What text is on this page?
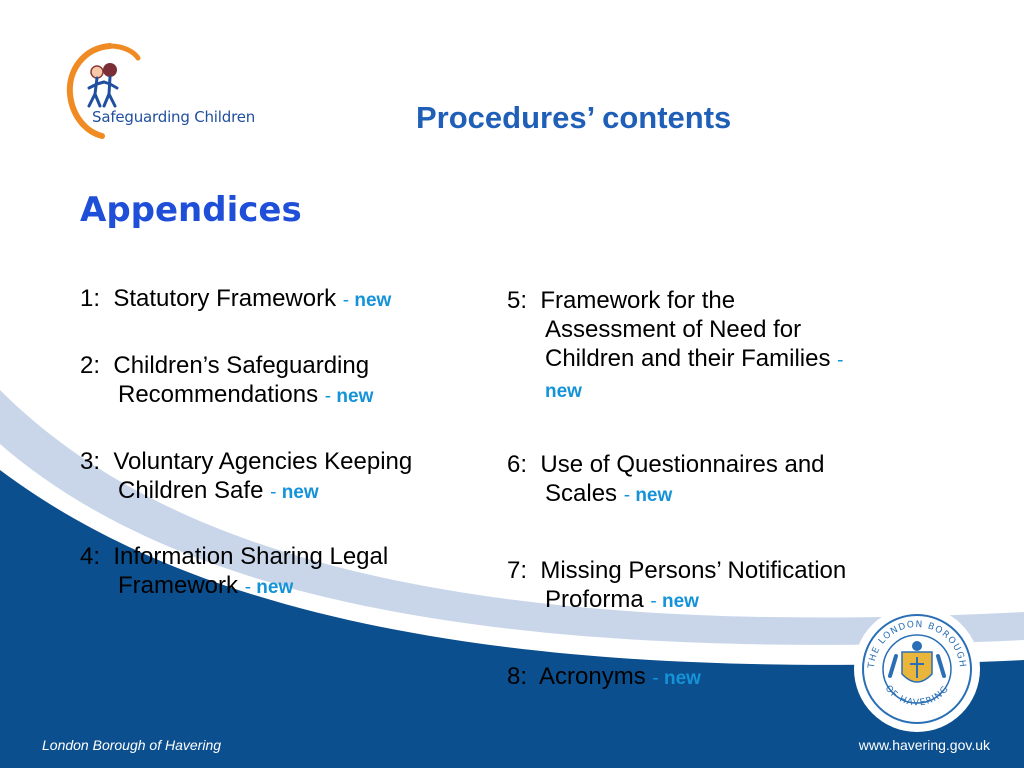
Safeguarding Children	Procedures’ contents
Appendices
1: Statutory Framework - new
2: Children’s Safeguarding
Recommendations - new
3: Voluntary Agencies Keeping
Children Safe - new
4: Information Sharing Legal
Framework - new
5: Framework for the
Assessment of Need for
Children and their Families -
new
6: Use of Questionnaires and
Scales - new
7: Missing Persons’ Notification
Proforma - new
8: Acronyms - new
THE LONDON BOROUGH
OF HAVERING
London Borough of Havering	www.havering.gov.uk
